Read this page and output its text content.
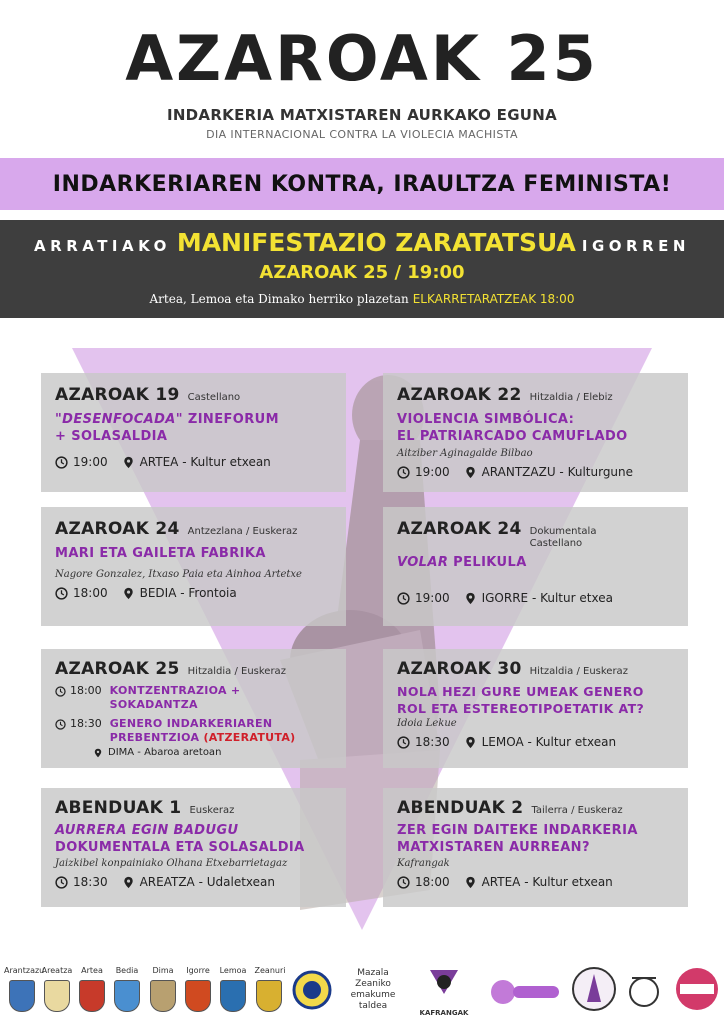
AZAROAK 25
INDARKERIA MATXISTAREN AURKAKO EGUNA
DIA INTERNACIONAL CONTRA LA VIOLECIA MACHISTA
INDARKERIAREN KONTRA, IRAULTZA FEMINISTA!
ARRATIAKO MANIFESTAZIO ZARATATSUA IGORREN
AZAROAK 25 / 19:00
Artea, Lemoa eta Dimako herriko plazetan ELKARRETARATZEAK 18:00
AZAROAK 19 Castellano
"DESENFOCADA" ZINEFORUM
+ SOLASALDIA
19:00	ARTEA - Kultur etxean
AZAROAK 22 Hitzaldia / Elebiz
VIOLENCIA SIMBÓLICA:
EL PATRIARCADO CAMUFLADO
Aitziber Aginagalde Bilbao
19:00	ARANTZAZU - Kulturgune
AZAROAK 24 Antzezlana / Euskeraz
MARI ETA GAILETA FABRIKA
Nagore Gonzalez, Itxaso Paia eta Ainhoa Artetxe
18:00	BEDIA - Frontoia
AZAROAK 24 Dokumentala
Castellano
VOLAR PELIKULA
19:00	IGORRE - Kultur etxea
AZAROAK 25 Hitzaldia / Euskeraz
18:00 KONTZENTRAZIOA + SOKADANTZA
18:30 GENERO INDARKERIAREN
PREBENTZIOA (ATZERATUTA)
DIMA - Abaroa aretoan
AZAROAK 30 Hitzaldia / Euskeraz
NOLA HEZI GURE UMEAK GENERO
ROL ETA ESTEREOTIPOETATIK AT?
Idoia Lekue
18:30	LEMOA - Kultur etxean
ABENDUAK 1 Euskeraz
AURRERA EGIN BADUGU
DOKUMENTALA ETA SOLASALDIA
Jaizkibel konpainiako Olhana Etxebarrietagaz
18:30	AREATZA - Udaletxean
ABENDUAK 2 Tailerra / Euskeraz
ZER EGIN DAITEKE INDARKERIA
MATXISTAREN AURREAN?
Kafrangak
18:00	ARTEA - Kultur etxean
Arantzazu
Areatza	Artea	Bedia	Dima	Igorre	Lemoa	Zeanuri	Mazala
Zeaniko emakume
taldea
KAFRANGAK
